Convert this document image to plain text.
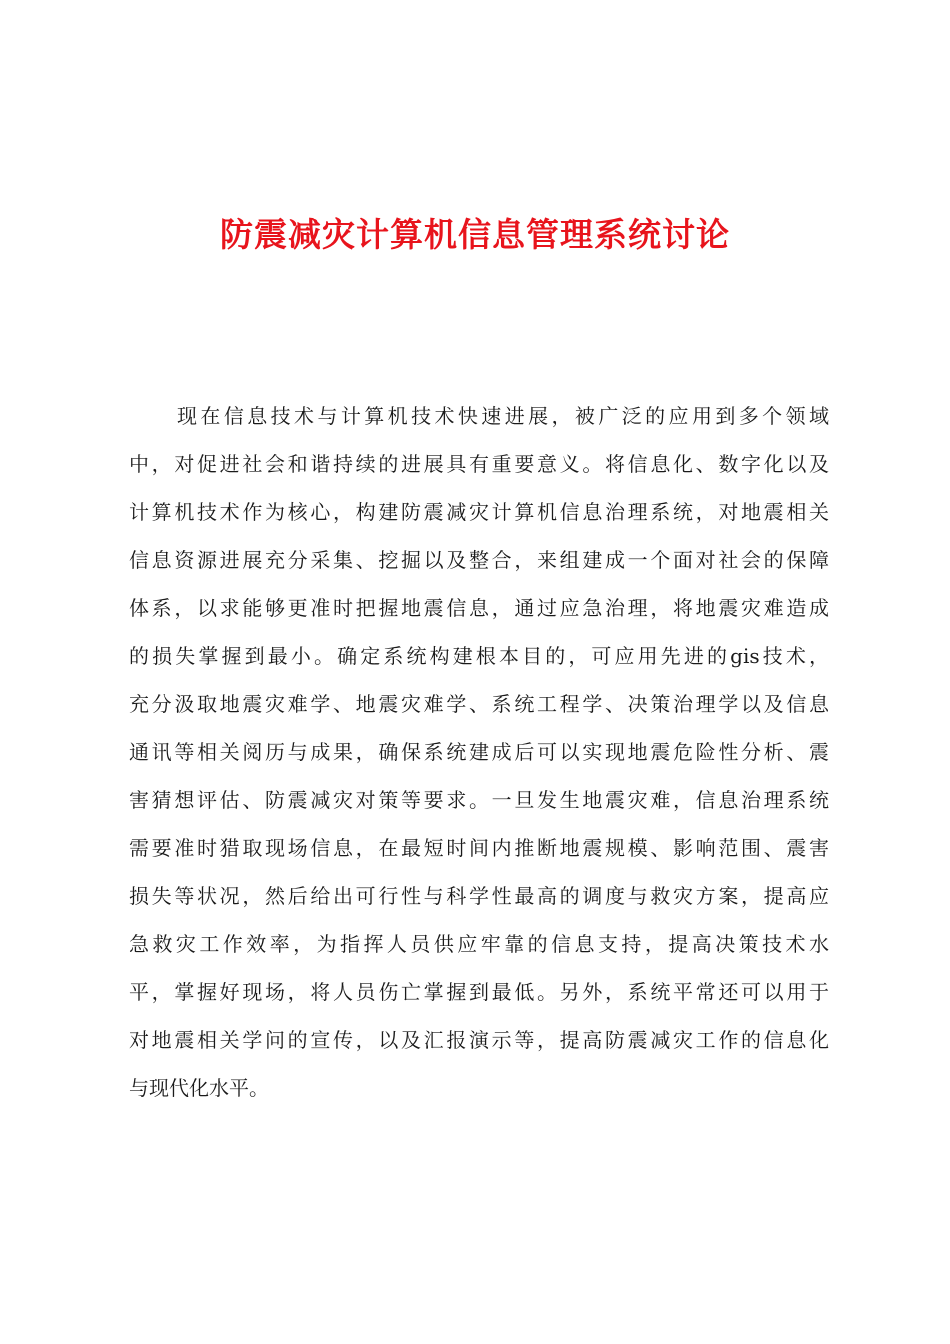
防震减灾计算机信息管理系统讨论
现在信息技术与计算机技术快速进展，被广泛的应用到多个领域
中，对促进社会和谐持续的进展具有重要意义。将信息化、数字化以及
计算机技术作为核心，构建防震减灾计算机信息治理系统，对地震相关
信息资源进展充分采集、挖掘以及整合，来组建成一个面对社会的保障
体系，以求能够更准时把握地震信息，通过应急治理，将地震灾难造成
的损失掌握到最小。确定系统构建根本目的，可应用先进的gis技术，
充分汲取地震灾难学、地震灾难学、系统工程学、决策治理学以及信息
通讯等相关阅历与成果，确保系统建成后可以实现地震危险性分析、震
害猜想评估、防震减灾对策等要求。一旦发生地震灾难，信息治理系统
需要准时猎取现场信息，在最短时间内推断地震规模、影响范围、震害
损失等状况，然后给出可行性与科学性最高的调度与救灾方案，提高应
急救灾工作效率，为指挥人员供应牢靠的信息支持，提高决策技术水
平，掌握好现场，将人员伤亡掌握到最低。另外，系统平常还可以用于
对地震相关学问的宣传，以及汇报演示等，提高防震减灾工作的信息化
与现代化水平。
